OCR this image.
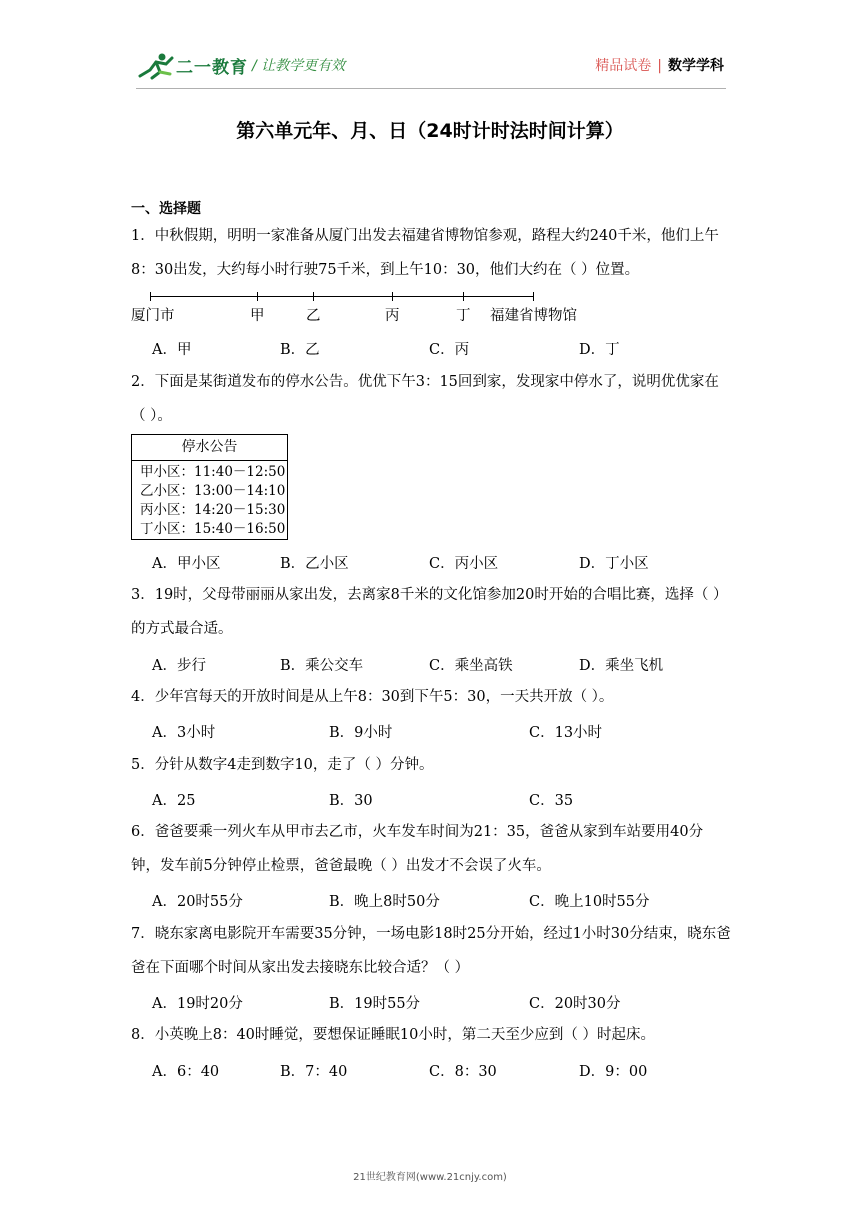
二一教育 / 让教学更有效	精品试卷 | 数学学科
第六单元年、月、日（24时计时法时间计算）
一、选择题
1．中秋假期，明明一家准备从厦门出发去福建省博物馆参观，路程大约240千米，他们上午8：30出发，大约每小时行驶75千米，到上午10：30，他们大约在（ ）位置。
厦门市	甲	乙	丙	丁 福建省博物馆
A．甲	B．乙	C．丙	D．丁
2．下面是某街道发布的停水公告。优优下午3：15回到家，发现家中停水了，说明优优家在（ ）。
停水公告
甲小区：11:40－12:50
乙小区：13:00－14:10
丙小区：14:20－15:30
丁小区：15:40－16:50
A．甲小区	B．乙小区	C．丙小区	D．丁小区
3．19时，父母带丽丽从家出发，去离家8千米的文化馆参加20时开始的合唱比赛，选择（ ）的方式最合适。
A．步行	B．乘公交车	C．乘坐高铁	D．乘坐飞机
4．少年宫每天的开放时间是从上午8：30到下午5：30，一天共开放（ ）。
A．3小时	B．9小时	C．13小时
5．分针从数字4走到数字10，走了（ ）分钟。
A．25	B．30	C．35
6．爸爸要乘一列火车从甲市去乙市，火车发车时间为21：35，爸爸从家到车站要用40分钟，发车前5分钟停止检票，爸爸最晚（ ）出发才不会误了火车。
A．20时55分	B．晚上8时50分	C．晚上10时55分
7．晓东家离电影院开车需要35分钟，一场电影18时25分开始，经过1小时30分结束，晓东爸爸在下面哪个时间从家出发去接晓东比较合适？（ ）
A．19时20分	B．19时55分	C．20时30分
8．小英晚上8：40时睡觉，要想保证睡眠10小时，第二天至少应到（ ）时起床。
A．6：40	B．7：40	C．8：30	D．9：00
21世纪教育网(www.21cnjy.com)
